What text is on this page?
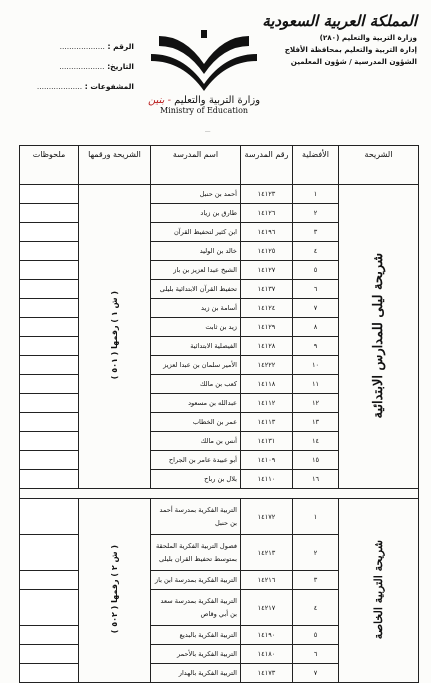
المملكة العربية السعودية
وزارة التربية والتعليم (٢٨٠)
إدارة التربية والتعليم بمحافظة الأفلاج
الشؤون المدرسية / شؤون المعلمين
الرقم : ...................
التاريخ: ...................
المشفوعات : ...................
وزارة التربية والتعليم - بنين
Ministry of Education
___
الشريحة	الأفضلية	رقم المدرسة	اسم المدرسة	الشريحة ورقمها	ملحوظات
شريحة ليلى للمدارس الابتدائية	١	١٤١٢٣	أحمد بن حنبل	( ش ١ ) رقمها ( ٥٠١ )	
	٢	١٤١٢٦	طارق بن زياد		
	٣	١٤١٩٦	ابن كثير لتحفيظ القرآن		
	٤	١٤١٢٥	خالد بن الوليد		
	٥	١٤١٢٧	الشيخ عبدا لعزيز بن باز		
	٦	١٤١٣٧	تحفيظ القرآن الابتدائية بليلى		
	٧	١٤١٢٤	أسامة بن زيد		
	٨	١٤١٢٩	زيد بن ثابت		
	٩	١٤١٢٨	الفيصلية الابتدائية		
	١٠	١٤٢٢٢	الأمير سلمان بن عبدا لعزيز		
	١١	١٤١١٨	كعب بن مالك		
	١٢	١٤١١٢	عبدالله بن مسعود		
	١٣	١٤١١٣	عمر بن الخطاب		
	١٤	١٤١٣١	أنس بن مالك		
	١٥	١٤١٠٩	أبو عبيدة عامر بن الجراح		
	١٦	١٤١١٠	بلال بن رباح		

شريحة التربية الخاصة	١	١٤١٧٢	التربية الفكرية بمدرسة أحمد بن حنبل	( ش ٢ ) رقمها ( ٥٠٢ )	
	٢	١٤٢١٣	فصول التربية الفكرية الملحقة بمتوسط تحفيظ القران بليلى		
	٣	١٤٢١٦	التربية الفكرية بمدرسة ابن باز		
	٤	١٤٢١٧	التربية الفكرية بمدرسة سعد بن أبي وقاص		
	٥	١٤١٩٠	التربية الفكرية بالبديع		
	٦	١٤١٨٠	التربية الفكرية بالأحمر		
	٧	١٤١٧٣	التربية الفكرية بالهدار		
